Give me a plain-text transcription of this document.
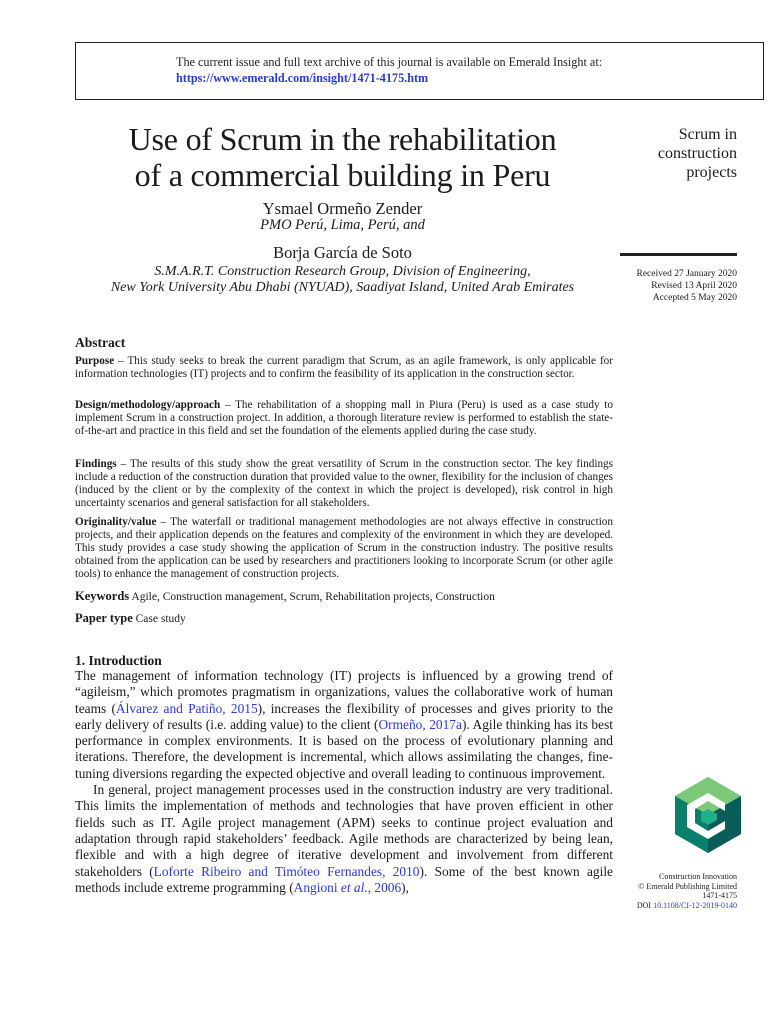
The current issue and full text archive of this journal is available on Emerald Insight at:
https://www.emerald.com/insight/1471-4175.htm
Use of Scrum in the rehabilitation
of a commercial building in Peru
Ysmael Ormeño Zender
PMO Perú, Lima, Perú, and
Borja García de Soto
S.M.A.R.T. Construction Research Group, Division of Engineering,
New York University Abu Dhabi (NYUAD), Saadiyat Island, United Arab Emirates
Scrum in
construction
projects
Received 27 January 2020
Revised 13 April 2020
Accepted 5 May 2020
Abstract

Purpose – This study seeks to break the current paradigm that Scrum, as an agile framework, is only applicable for information technologies (IT) projects and to confirm the feasibility of its application in the construction sector.

Design/methodology/approach – The rehabilitation of a shopping mall in Piura (Peru) is used as a case study to implement Scrum in a construction project. In addition, a thorough literature review is performed to establish the state-of-the-art and practice in this field and set the foundation of the elements applied during the case study.

Findings – The results of this study show the great versatility of Scrum in the construction sector. The key findings include a reduction of the construction duration that provided value to the owner, flexibility for the inclusion of changes (induced by the client or by the complexity of the context in which the project is developed), risk control in high uncertainty scenarios and general satisfaction for all stakeholders.

Originality/value – The waterfall or traditional management methodologies are not always effective in construction projects, and their application depends on the features and complexity of the environment in which they are developed. This study provides a case study showing the application of Scrum in the construction industry. The positive results obtained from the application can be used by researchers and practitioners looking to incorporate Scrum (or other agile tools) to enhance the management of construction projects.

Keywords Agile, Construction management, Scrum, Rehabilitation projects, Construction
Paper type Case study
1. Introduction

The management of information technology (IT) projects is influenced by a growing trend of “agileism,” which promotes pragmatism in organizations, values the collaborative work of human teams (Álvarez and Patiño, 2015), increases the flexibility of processes and gives priority to the early delivery of results (i.e. adding value) to the client (Ormeño, 2017a). Agile thinking has its best performance in complex environments. It is based on the process of evolutionary planning and iterations. Therefore, the development is incremental, which allows assimilating the changes, fine-tuning diversions regarding the expected objective and overall leading to continuous improvement.

In general, project management processes used in the construction industry are very traditional. This limits the implementation of methods and technologies that have proven efficient in other fields such as IT. Agile project management (APM) seeks to continue project evaluation and adaptation through rapid stakeholders’ feedback. Agile methods are characterized by being lean, flexible and with a high degree of iterative development and involvement from different stakeholders (Loforte Ribeiro and Timóteo Fernandes, 2010). Some of the best known agile methods include extreme programming (Angioni et al., 2006),

Construction Innovation
© Emerald Publishing Limited
1471-4175
DOI 10.1108/CI-12-2019-0140
